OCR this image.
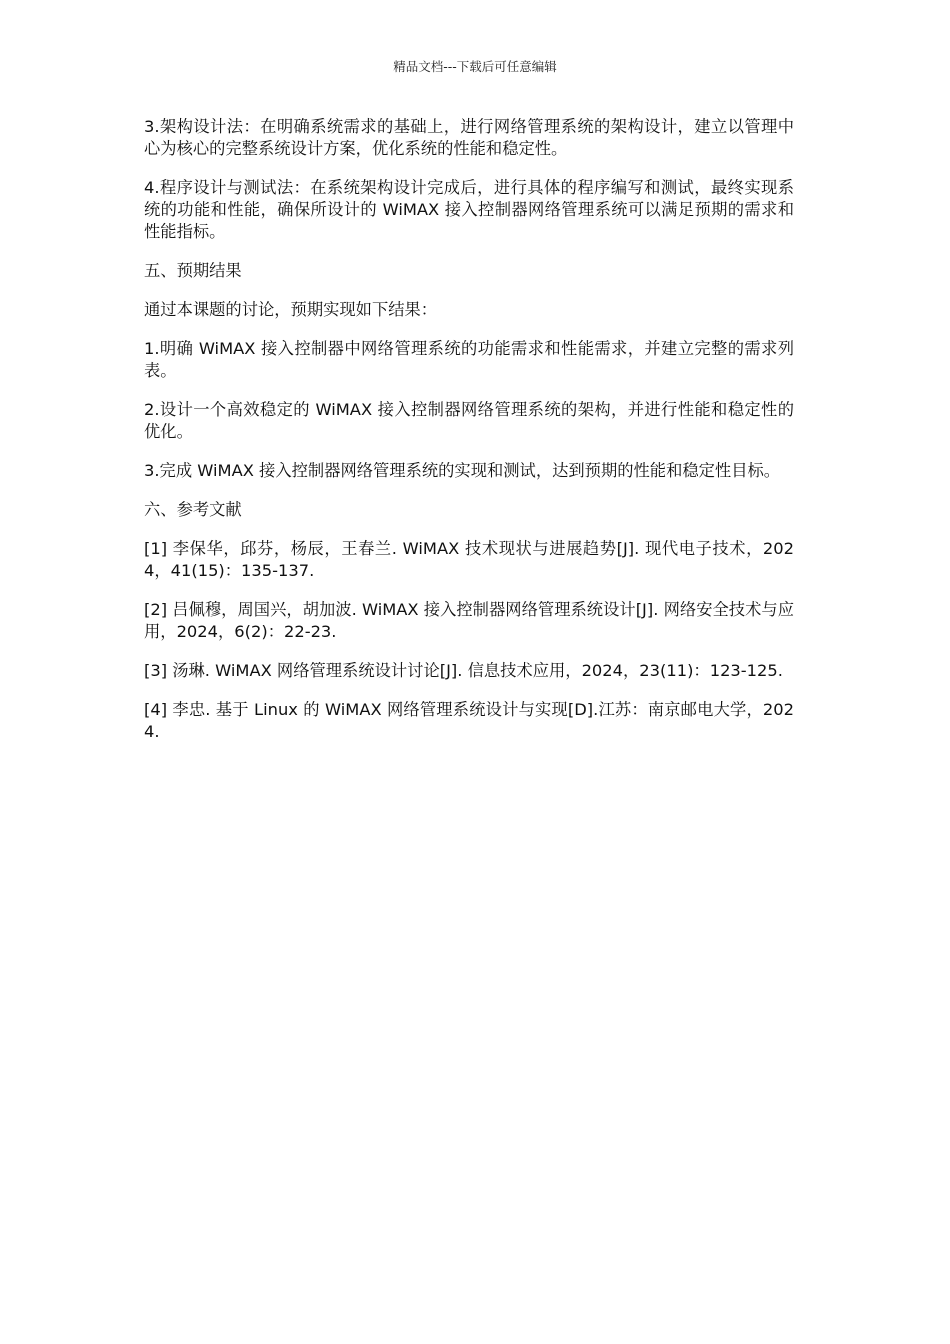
精品文档---下载后可任意编辑

3.架构设计法：在明确系统需求的基础上，进行网络管理系统的架构设计，建立以管理中心为核心的完整系统设计方案，优化系统的性能和稳定性。

4.程序设计与测试法：在系统架构设计完成后，进行具体的程序编写和测试，最终实现系统的功能和性能，确保所设计的 WiMAX 接入控制器网络管理系统可以满足预期的需求和性能指标。

五、预期结果

通过本课题的讨论，预期实现如下结果：

1.明确 WiMAX 接入控制器中网络管理系统的功能需求和性能需求，并建立完整的需求列表。

2.设计一个高效稳定的 WiMAX 接入控制器网络管理系统的架构，并进行性能和稳定性的优化。

3.完成 WiMAX 接入控制器网络管理系统的实现和测试，达到预期的性能和稳定性目标。

六、参考文献

[1] 李保华，邱芬，杨辰，王春兰. WiMAX 技术现状与进展趋势[J]. 现代电子技术，2024，41(15)：135-137.

[2] 吕佩穆，周国兴，胡加波. WiMAX 接入控制器网络管理系统设计[J]. 网络安全技术与应用，2024，6(2)：22-23.

[3] 汤琳. WiMAX 网络管理系统设计讨论[J]. 信息技术应用，2024，23(11)：123-125.

[4] 李忠. 基于 Linux 的 WiMAX 网络管理系统设计与实现[D].江苏：南京邮电大学，2024.
